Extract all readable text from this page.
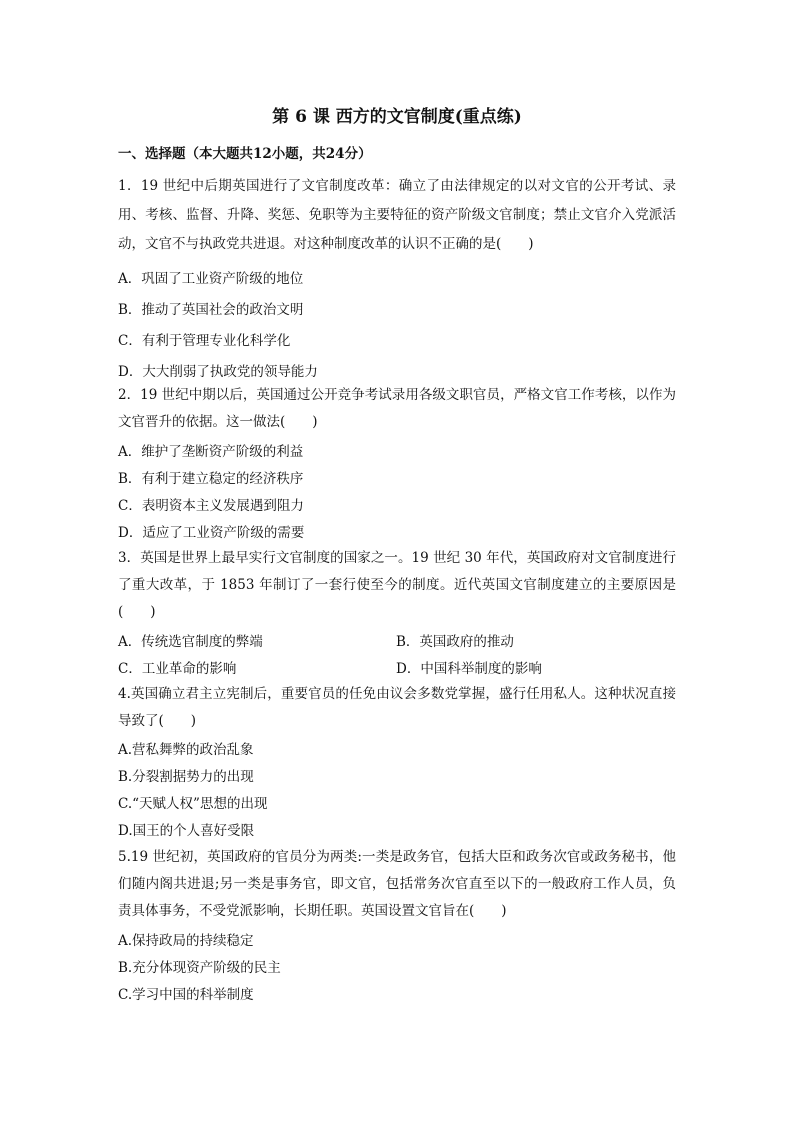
第 6 课 西方的文官制度(重点练)
一、选择题（本大题共12小题，共24分）
1．19 世纪中后期英国进行了文官制度改革：确立了由法律规定的以对文官的公开考试、录用、考核、监督、升降、奖惩、免职等为主要特征的资产阶级文官制度；禁止文官介入党派活动，文官不与执政党共进退。对这种制度改革的认识不正确的是(　　)
A．巩固了工业资产阶级的地位
B．推动了英国社会的政治文明
C．有利于管理专业化科学化
D．大大削弱了执政党的领导能力
2．19 世纪中期以后，英国通过公开竞争考试录用各级文职官员，严格文官工作考核，以作为文官晋升的依据。这一做法(　　)
A．维护了垄断资产阶级的利益
B．有利于建立稳定的经济秩序
C．表明资本主义发展遇到阻力
D．适应了工业资产阶级的需要
3．英国是世界上最早实行文官制度的国家之一。19 世纪 30 年代，英国政府对文官制度进行了重大改革，于 1853 年制订了一套行使至今的制度。近代英国文官制度建立的主要原因是(　　)
A．传统选官制度的弊端	B．英国政府的推动
C．工业革命的影响	D．中国科举制度的影响
4.英国确立君主立宪制后，重要官员的任免由议会多数党掌握，盛行任用私人。这种状况直接导致了(　　)
A.营私舞弊的政治乱象
B.分裂割据势力的出现
C.“天赋人权”思想的出现
D.国王的个人喜好受限
5.19 世纪初，英国政府的官员分为两类:一类是政务官，包括大臣和政务次官或政务秘书，他们随内阁共进退;另一类是事务官，即文官，包括常务次官直至以下的一般政府工作人员，负责具体事务，不受党派影响，长期任职。英国设置文官旨在(　　)
A.保持政局的持续稳定
B.充分体现资产阶级的民主
C.学习中国的科举制度
